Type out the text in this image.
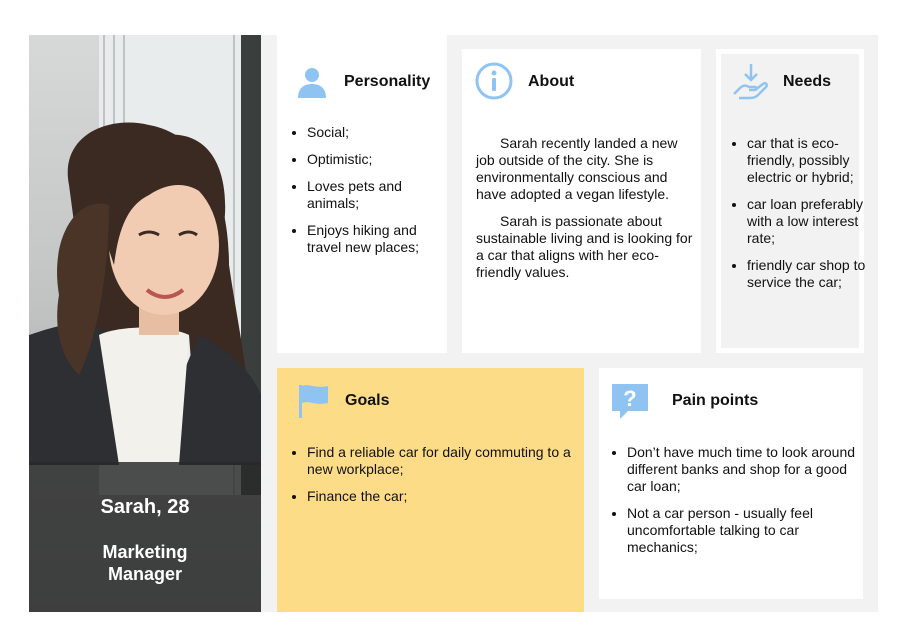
Sarah, 28
Marketing Manager
Personality
• Social;
• Optimistic;
• Loves pets and animals;
• Enjoys hiking and travel new places;
About

Sarah recently landed a new job outside of the city. She is environmentally conscious and have adopted a vegan lifestyle.

Sarah is passionate about sustainable living and is looking for a car that aligns with her eco-friendly values.

Needs
• car that is eco-friendly, possibly electric or hybrid;
• car loan preferably with a low interest rate;
• friendly car shop to service the car;
Goals
• Find a reliable car for daily commuting to a new workplace;
• Finance the car;
? Pain points
• Don’t have much time to look around different banks and shop for a good car loan;
• Not a car person - usually feel uncomfortable talking to car mechanics;
